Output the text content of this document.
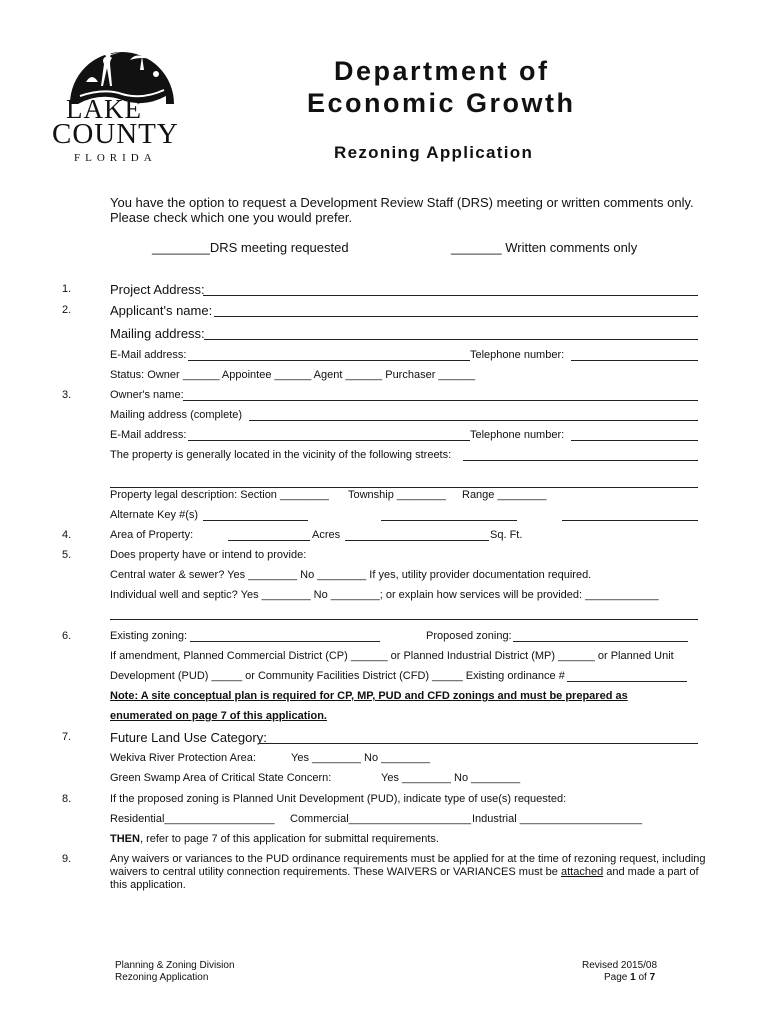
LAKE
COUNTY
FLORIDA
Department of
Economic Growth
Rezoning Application
You have the option to request a Development Review Staff (DRS) meeting or written comments only.
Please check which one you would prefer.
________DRS meeting requested	_______ Written comments only
1.	Project Address:
2.	Applicant's name:
Mailing address:
E-Mail address:	Telephone number:
Status: Owner ______ Appointee ______ Agent ______ Purchaser ______
3.	Owner's name:
Mailing address (complete)
E-Mail address:	Telephone number:
The property is generally located in the vicinity of the following streets:
Property legal description: Section ________ Township ________ Range ________
Alternate Key #(s)
4.	Area of Property:	Acres	Sq. Ft.
5.	Does property have or intend to provide:
Central water & sewer? Yes ________ No ________ If yes, utility provider documentation required.
Individual well and septic? Yes ________ No ________; or explain how services will be provided: ____________
6.	Existing zoning:	Proposed zoning:
If amendment, Planned Commercial District (CP) ______ or Planned Industrial District (MP) ______ or Planned Unit
Development (PUD) _____ or Community Facilities District (CFD) _____ Existing ordinance #
Note: A site conceptual plan is required for CP, MP, PUD and CFD zonings and must be prepared as
enumerated on page 7 of this application.
7.	Future Land Use Category:
Wekiva River Protection Area:	Yes ________ No ________
Green Swamp Area of Critical State Concern:	Yes ________ No ________
8.	If the proposed zoning is Planned Unit Development (PUD), indicate type of use(s) requested:
Residential__________________ Commercial____________________ Industrial ____________________
THEN, refer to page 7 of this application for submittal requirements.
9.	Any waivers or variances to the PUD ordinance requirements must be applied for at the time of rezoning request, including
waivers to central utility connection requirements. These WAIVERS or VARIANCES must be attached and made a part of
this application.
Planning & Zoning Division
Rezoning Application
Revised 2015/08
Page 1 of 7
